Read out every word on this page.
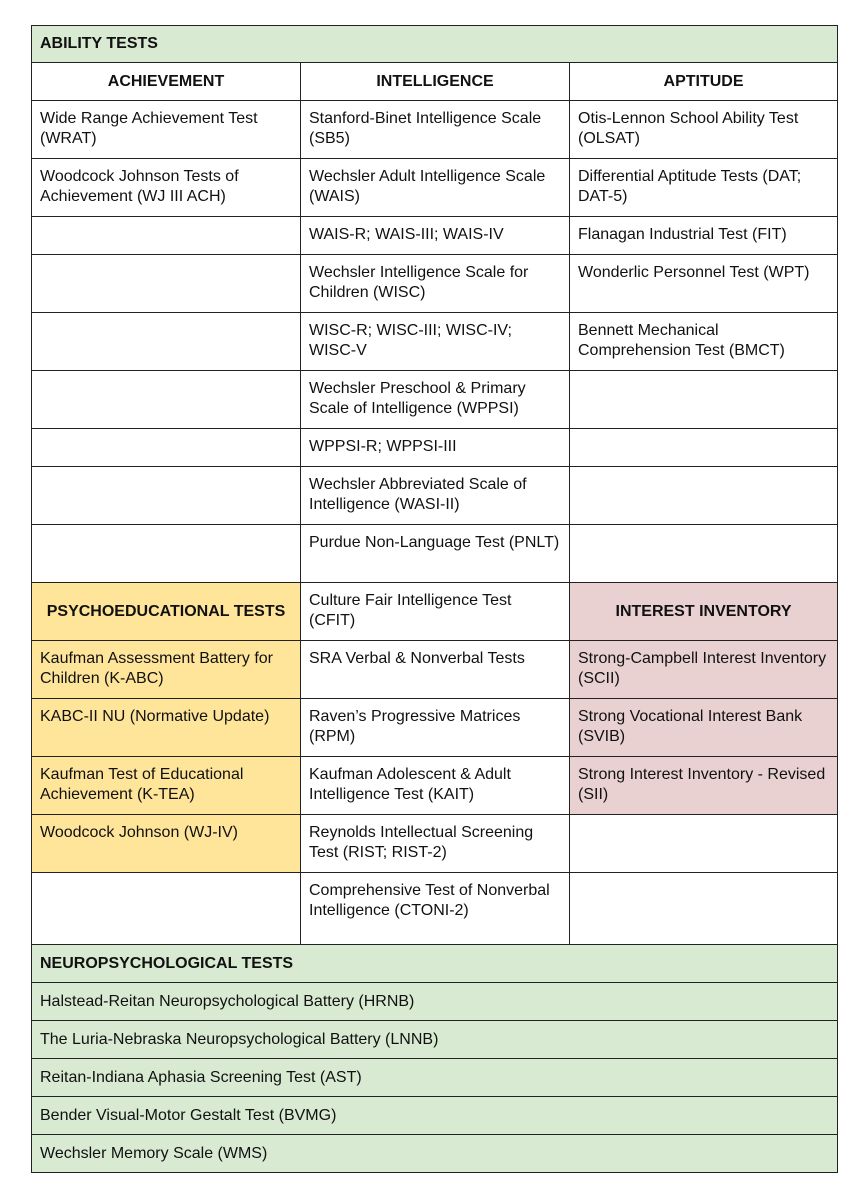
ABILITY TESTS		
ACHIEVEMENT	INTELLIGENCE	APTITUDE
Wide Range Achievement Test (WRAT)	Stanford-Binet Intelligence Scale (SB5)	Otis-Lennon School Ability Test (OLSAT)
Woodcock Johnson Tests of Achievement (WJ III ACH)	Wechsler Adult Intelligence Scale (WAIS)	Differential Aptitude Tests (DAT; DAT-5)
	WAIS-R; WAIS-III; WAIS-IV	Flanagan Industrial Test (FIT)
	Wechsler Intelligence Scale for Children (WISC)	Wonderlic Personnel Test (WPT)
	WISC-R; WISC-III; WISC-IV; WISC-V	Bennett Mechanical Comprehension Test (BMCT)
	Wechsler Preschool & Primary Scale of Intelligence (WPPSI)	
	WPPSI-R; WPPSI-III	
	Wechsler Abbreviated Scale of Intelligence (WASI-II)	
	Purdue Non-Language Test (PNLT)	
PSYCHOEDUCATIONAL TESTS	Culture Fair Intelligence Test (CFIT)	INTEREST INVENTORY
Kaufman Assessment Battery for Children (K-ABC)	SRA Verbal & Nonverbal Tests	Strong-Campbell Interest Inventory (SCII)
KABC-II NU (Normative Update)	Raven’s Progressive Matrices (RPM)	Strong Vocational Interest Bank (SVIB)
Kaufman Test of Educational Achievement (K-TEA)	Kaufman Adolescent & Adult Intelligence Test (KAIT)	Strong Interest Inventory - Revised (SII)
Woodcock Johnson (WJ-IV)	Reynolds Intellectual Screening Test (RIST; RIST-2)	
	Comprehensive Test of Nonverbal Intelligence (CTONI-2)	
NEUROPSYCHOLOGICAL TESTS		
Halstead-Reitan Neuropsychological Battery (HRNB)		
The Luria-Nebraska Neuropsychological Battery (LNNB)		
Reitan-Indiana Aphasia Screening Test (AST)		
Bender Visual-Motor Gestalt Test (BVMG)		
Wechsler Memory Scale (WMS)		
